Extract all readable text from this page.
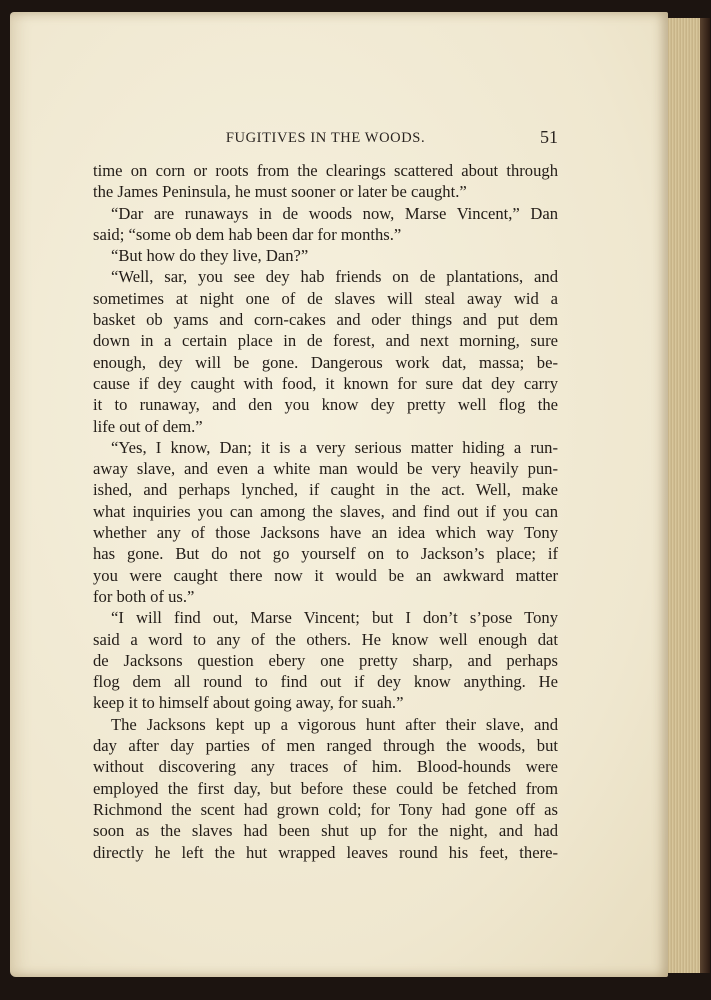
FUGITIVES IN THE WOODS.	51
time on corn or roots from the clearings scattered about through
the James Peninsula, he must sooner or later be caught.”
“Dar are runaways in de woods now, Marse Vincent,” Dan
said; “some ob dem hab been dar for months.”
“But how do they live, Dan?”
“Well, sar, you see dey hab friends on de plantations, and
sometimes at night one of de slaves will steal away wid a
basket ob yams and corn-cakes and oder things and put dem
down in a certain place in de forest, and next morning, sure
enough, dey will be gone. Dangerous work dat, massa; be-
cause if dey caught with food, it known for sure dat dey carry
it to runaway, and den you know dey pretty well flog the
life out of dem.”
“Yes, I know, Dan; it is a very serious matter hiding a run-
away slave, and even a white man would be very heavily pun-
ished, and perhaps lynched, if caught in the act. Well, make
what inquiries you can among the slaves, and find out if you can
whether any of those Jacksons have an idea which way Tony
has gone. But do not go yourself on to Jackson’s place; if
you were caught there now it would be an awkward matter
for both of us.”
“I will find out, Marse Vincent; but I don’t s’pose Tony
said a word to any of the others. He know well enough dat
de Jacksons question ebery one pretty sharp, and perhaps
flog dem all round to find out if dey know anything. He
keep it to himself about going away, for suah.”
The Jacksons kept up a vigorous hunt after their slave, and
day after day parties of men ranged through the woods, but
without discovering any traces of him. Blood-hounds were
employed the first day, but before these could be fetched from
Richmond the scent had grown cold; for Tony had gone off as
soon as the slaves had been shut up for the night, and had
directly he left the hut wrapped leaves round his feet, there-
